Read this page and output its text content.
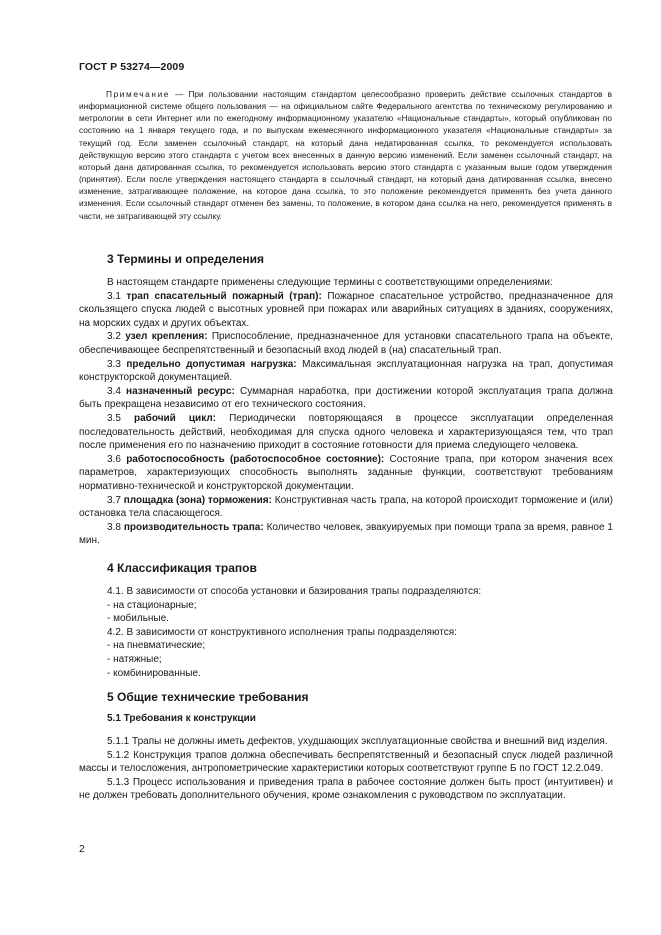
ГОСТ Р 53274—2009
Примечание — При пользовании настоящим стандартом целесообразно проверить действие ссылочных стандартов в информационной системе общего пользования — на официальном сайте Федерального агентства по техническому регулированию и метрологии в сети Интернет или по ежегодному информационному указателю «Национальные стандарты», который опубликован по состоянию на 1 января текущего года, и по выпускам ежемесячного информационного указателя «Национальные стандарты» за текущий год. Если заменен ссылочный стандарт, на который дана недатированная ссылка, то рекомендуется использовать действующую версию этого стандарта с учетом всех внесенных в данную версию изменений. Если заменен ссылочный стандарт, на который дана датированная ссылка, то рекомендуется использовать версию этого стандарта с указанным выше годом утверждения (принятия). Если после утверждения настоящего стандарта в ссылочный стандарт, на который дана датированная ссылка, внесено изменение, затрагивающее положение, на которое дана ссылка, то это положение рекомендуется применять без учета данного изменения. Если ссылочный стандарт отменен без замены, то положение, в котором дана ссылка на него, рекомендуется применять в части, не затрагивающей эту ссылку.

3 Термины и определения

В настоящем стандарте применены следующие термины с соответствующими определениями:

3.1 трап спасательный пожарный (трап): Пожарное спасательное устройство, предназначенное для скользящего спуска людей с высотных уровней при пожарах или аварийных ситуациях в зданиях, сооружениях, на морских судах и других объектах.

3.2 узел крепления: Приспособление, предназначенное для установки спасательного трапа на объекте, обеспечивающее беспрепятственный и безопасный вход людей в (на) спасательный трап.

3.3 предельно допустимая нагрузка: Максимальная эксплуатационная нагрузка на трап, допустимая конструкторской документацией.

3.4 назначенный ресурс: Суммарная наработка, при достижении которой эксплуатация трапа должна быть прекращена независимо от его технического состояния.

3.5 рабочий цикл: Периодически повторяющаяся в процессе эксплуатации определенная последовательность действий, необходимая для спуска одного человека и характеризующаяся тем, что трап после применения его по назначению приходит в состояние готовности для приема следующего человека.

3.6 работоспособность (работоспособное состояние): Состояние трапа, при котором значения всех параметров, характеризующих способность выполнять заданные функции, соответствуют требованиям нормативно-технической и конструкторской документации.

3.7 площадка (зона) торможения: Конструктивная часть трапа, на которой происходит торможение и (или) остановка тела спасающегося.

3.8 производительность трапа: Количество человек, эвакуируемых при помощи трапа за время, равное 1 мин.

4 Классификация трапов

4.1. В зависимости от способа установки и базирования трапы подразделяются:

- на стационарные;

- мобильные.

4.2. В зависимости от конструктивного исполнения трапы подразделяются:

- на пневматические;

- натяжные;

- комбинированные.

5 Общие технические требования

5.1 Требования к конструкции

5.1.1 Трапы не должны иметь дефектов, ухудшающих эксплуатационные свойства и внешний вид изделия.

5.1.2 Конструкция трапов должна обеспечивать беспрепятственный и безопасный спуск людей различной массы и телосложения, антропометрические характеристики которых соответствуют группе Б по ГОСТ 12.2.049.

5.1.3 Процесс использования и приведения трапа в рабочее состояние должен быть прост (интуитивен) и не должен требовать дополнительного обучения, кроме ознакомления с руководством по эксплуатации.

2
